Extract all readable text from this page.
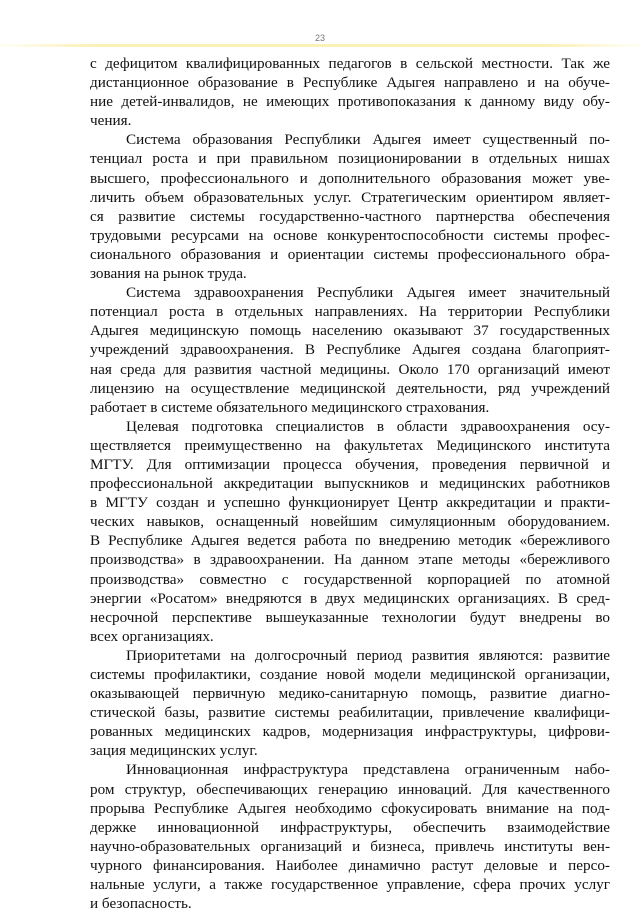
23

с дефицитом квалифицированных педагогов в сельской местности. Так же
дистанционное образование в Республике Адыгея направлено и на обуче-
ние детей-инвалидов, не имеющих противопоказания к данному виду обу-
чения.

Система образования Республики Адыгея имеет существенный по-
тенциал роста и при правильном позиционировании в отдельных нишах
высшего, профессионального и дополнительного образования может уве-
личить объем образовательных услуг. Стратегическим ориентиром являет-
ся развитие системы государственно-частного партнерства обеспечения
трудовыми ресурсами на основе конкурентоспособности системы профес-
сионального образования и ориентации системы профессионального обра-
зования на рынок труда.

Система здравоохранения Республики Адыгея имеет значительный
потенциал роста в отдельных направлениях. На территории Республики
Адыгея медицинскую помощь населению оказывают 37 государственных
учреждений здравоохранения. В Республике Адыгея создана благоприят-
ная среда для развития частной медицины. Около 170 организаций имеют
лицензию на осуществление медицинской деятельности, ряд учреждений
работает в системе обязательного медицинского страхования.

Целевая подготовка специалистов в области здравоохранения осу-
ществляется преимущественно на факультетах Медицинского института
МГТУ. Для оптимизации процесса обучения, проведения первичной и
профессиональной аккредитации выпускников и медицинских работников
в МГТУ создан и успешно функционирует Центр аккредитации и практи-
ческих навыков, оснащенный новейшим симуляционным оборудованием.
В Республике Адыгея ведется работа по внедрению методик «бережливого
производства» в здравоохранении. На данном этапе методы «бережливого
производства» совместно с государственной корпорацией по атомной
энергии «Росатом» внедряются в двух медицинских организациях. В сред-
несрочной перспективе вышеуказанные технологии будут внедрены во
всех организациях.

Приоритетами на долгосрочный период развития являются: развитие
системы профилактики, создание новой модели медицинской организации,
оказывающей первичную медико-санитарную помощь, развитие диагно-
стической базы, развитие системы реабилитации, привлечение квалифици-
рованных медицинских кадров, модернизация инфраструктуры, цифрови-
зация медицинских услуг.

Инновационная инфраструктура представлена ограниченным набо-
ром структур, обеспечивающих генерацию инноваций. Для качественного
прорыва Республике Адыгея необходимо сфокусировать внимание на под-
держке инновационной инфраструктуры, обеспечить взаимодействие
научно-образовательных организаций и бизнеса, привлечь институты вен-
чурного финансирования. Наиболее динамично растут деловые и персо-
нальные услуги, а также государственное управление, сфера прочих услуг
и безопасность.
